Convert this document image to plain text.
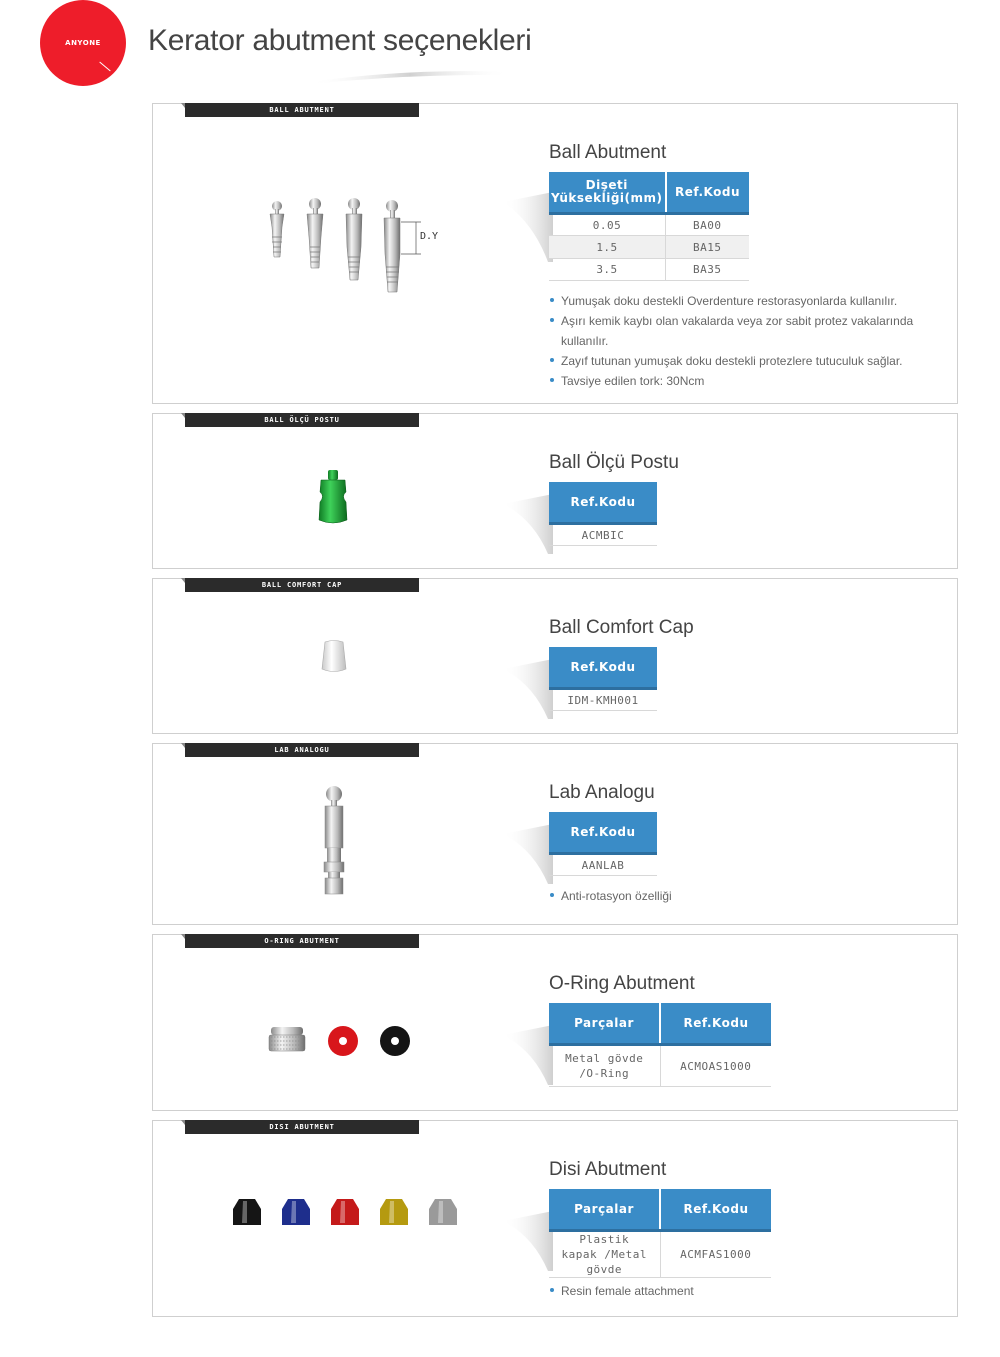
ANYONE Kerator abutment seçenekleri
BALL ABUTMENT
D.Y
Ball Abutment
Dişeti Yüksekliği(mm)	Ref.Kodu
0.05	BA00
1.5	BA15
3.5	BA35
Yumuşak doku destekli Overdenture restorasyonlarda kullanılır.
Aşırı kemik kaybı olan vakalarda veya zor sabit protez vakalarında kullanılır.
Zayıf tutunan yumuşak doku destekli protezlere tutuculuk sağlar.
Tavsiye edilen tork: 30Ncm
BALL ÖLÇÜ POSTU
Ball Ölçü Postu
Ref.Kodu
ACMBIC
BALL COMFORT CAP
Ball Comfort Cap
Ref.Kodu
IDM-KMH001
LAB ANALOGU
Lab Analogu
Ref.Kodu
AANLAB
Anti-rotasyon özelliği
O-RING ABUTMENT
O-Ring Abutment
Parçalar	Ref.Kodu
Metal gövde /O-Ring	ACMOAS1000
DISI ABUTMENT
Disi Abutment
Parçalar	Ref.Kodu
Plastik kapak /Metal gövde	ACMFAS1000
Resin female attachment
